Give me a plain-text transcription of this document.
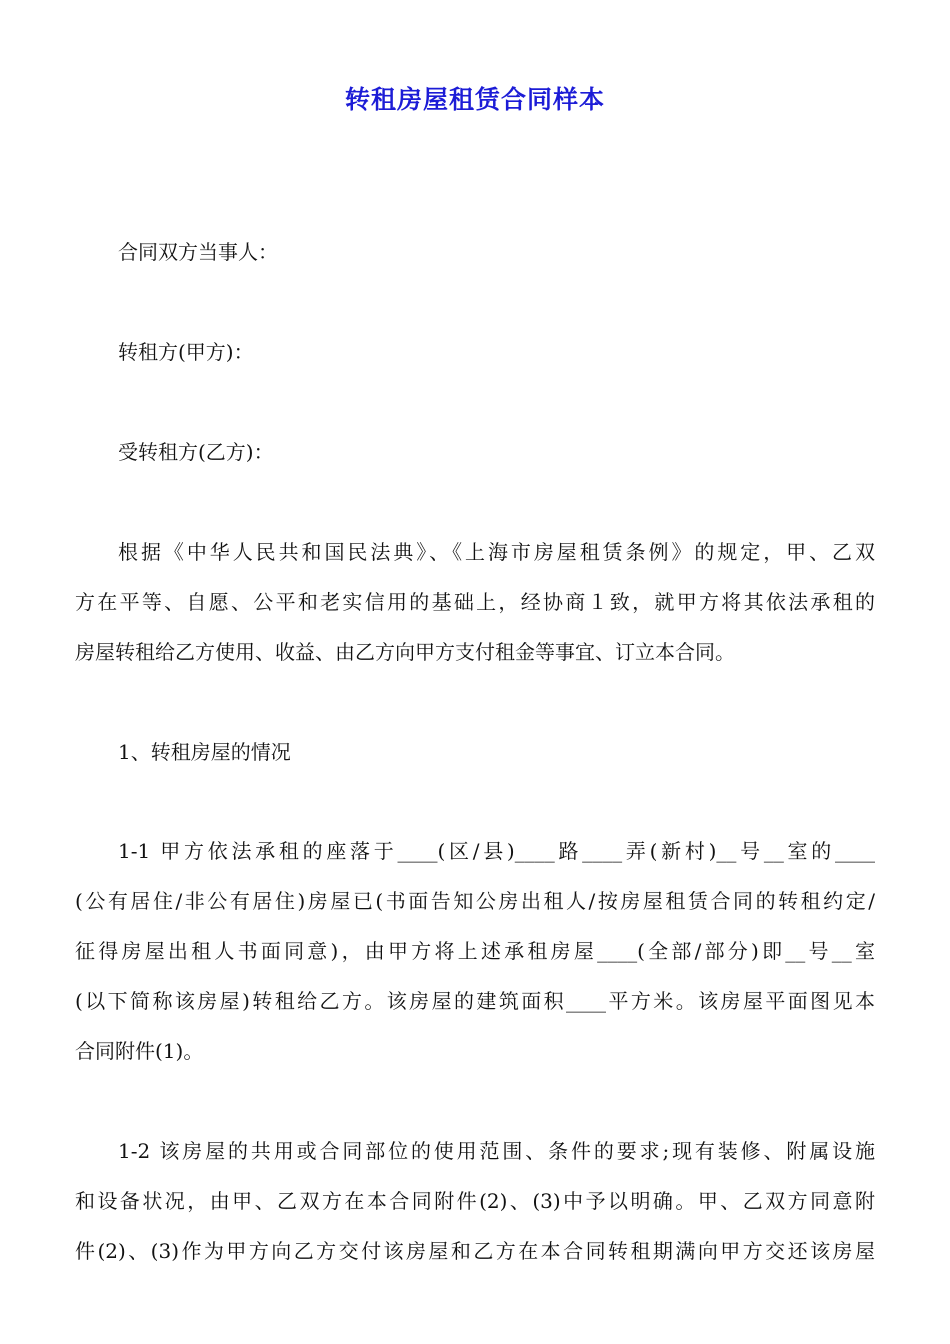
转租房屋租赁合同样本
合同双方当事人：
转租方(甲方)：
受转租方(乙方)：
根据《中华人民共和国民法典》、《上海市房屋租赁条例》的规定，甲、乙双
方在平等、自愿、公平和老实信用的基础上，经协商１致，就甲方将其依法承租的
房屋转租给乙方使用、收益、由乙方向甲方支付租金等事宜、订立本合同。
1、转租房屋的情况
1-1 甲方依法承租的座落于____(区/县)____路____弄(新村)__号__室的____
(公有居住/非公有居住)房屋已(书面告知公房出租人/按房屋租赁合同的转租约定/
征得房屋出租人书面同意)，由甲方将上述承租房屋____(全部/部分)即__号__室
(以下简称该房屋)转租给乙方。该房屋的建筑面积____平方米。该房屋平面图见本
合同附件(1)。
1-2 该房屋的共用或合同部位的使用范围、条件的要求;现有装修、附属设施
和设备状况，由甲、乙双方在本合同附件(2)、(3)中予以明确。甲、乙双方同意附
件(2)、(3)作为甲方向乙方交付该房屋和乙方在本合同转租期满向甲方交还该房屋
